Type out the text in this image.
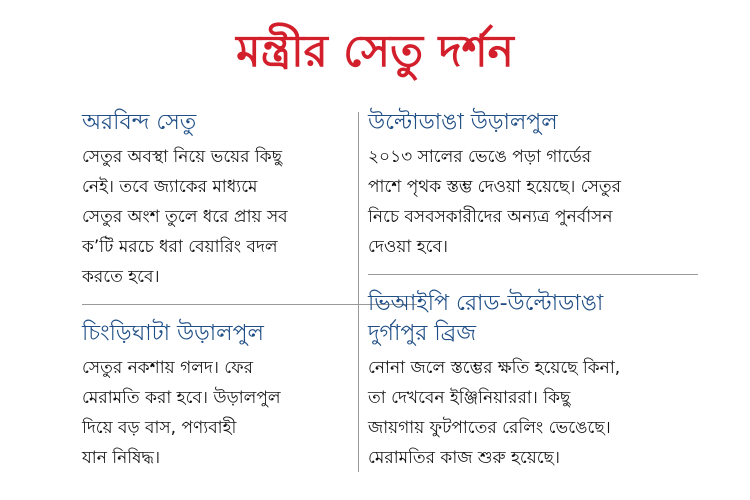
মন্ত্রীর সেতু দর্শন
অরবিন্দ সেতু
সেতুর অবস্থা নিয়ে ভয়ের কিছু
নেই। তবে জ্যাকের মাধ্যমে
সেতুর অংশ তুলে ধরে প্রায় সব
ক’টি মরচে ধরা বেয়ারিং বদল
করতে হবে।
চিংড়িঘাটা উড়ালপুল
সেতুর নকশায় গলদ। ফের
মেরামতি করা হবে। উড়ালপুল
দিয়ে বড় বাস, পণ্যবাহী
যান নিষিদ্ধ।
উল্টোডাঙা উড়ালপুল
২০১৩ সালের ভেঙে পড়া গার্ডের
পাশে পৃথক স্তম্ভ দেওয়া হয়েছে। সেতুর
নিচে বসবসকারীদের অন্যত্র পুনর্বাসন
দেওয়া হবে।
ভিআইপি রোড-উল্টোডাঙা
দুর্গাপুর ব্রিজ
নোনা জলে স্তম্ভের ক্ষতি হয়েছে কিনা,
তা দেখবেন ইঞ্জিনিয়াররা। কিছু
জায়গায় ফুটপাতের রেলিং ভেঙেছে।
মেরামতির কাজ শুরু হয়েছে।
